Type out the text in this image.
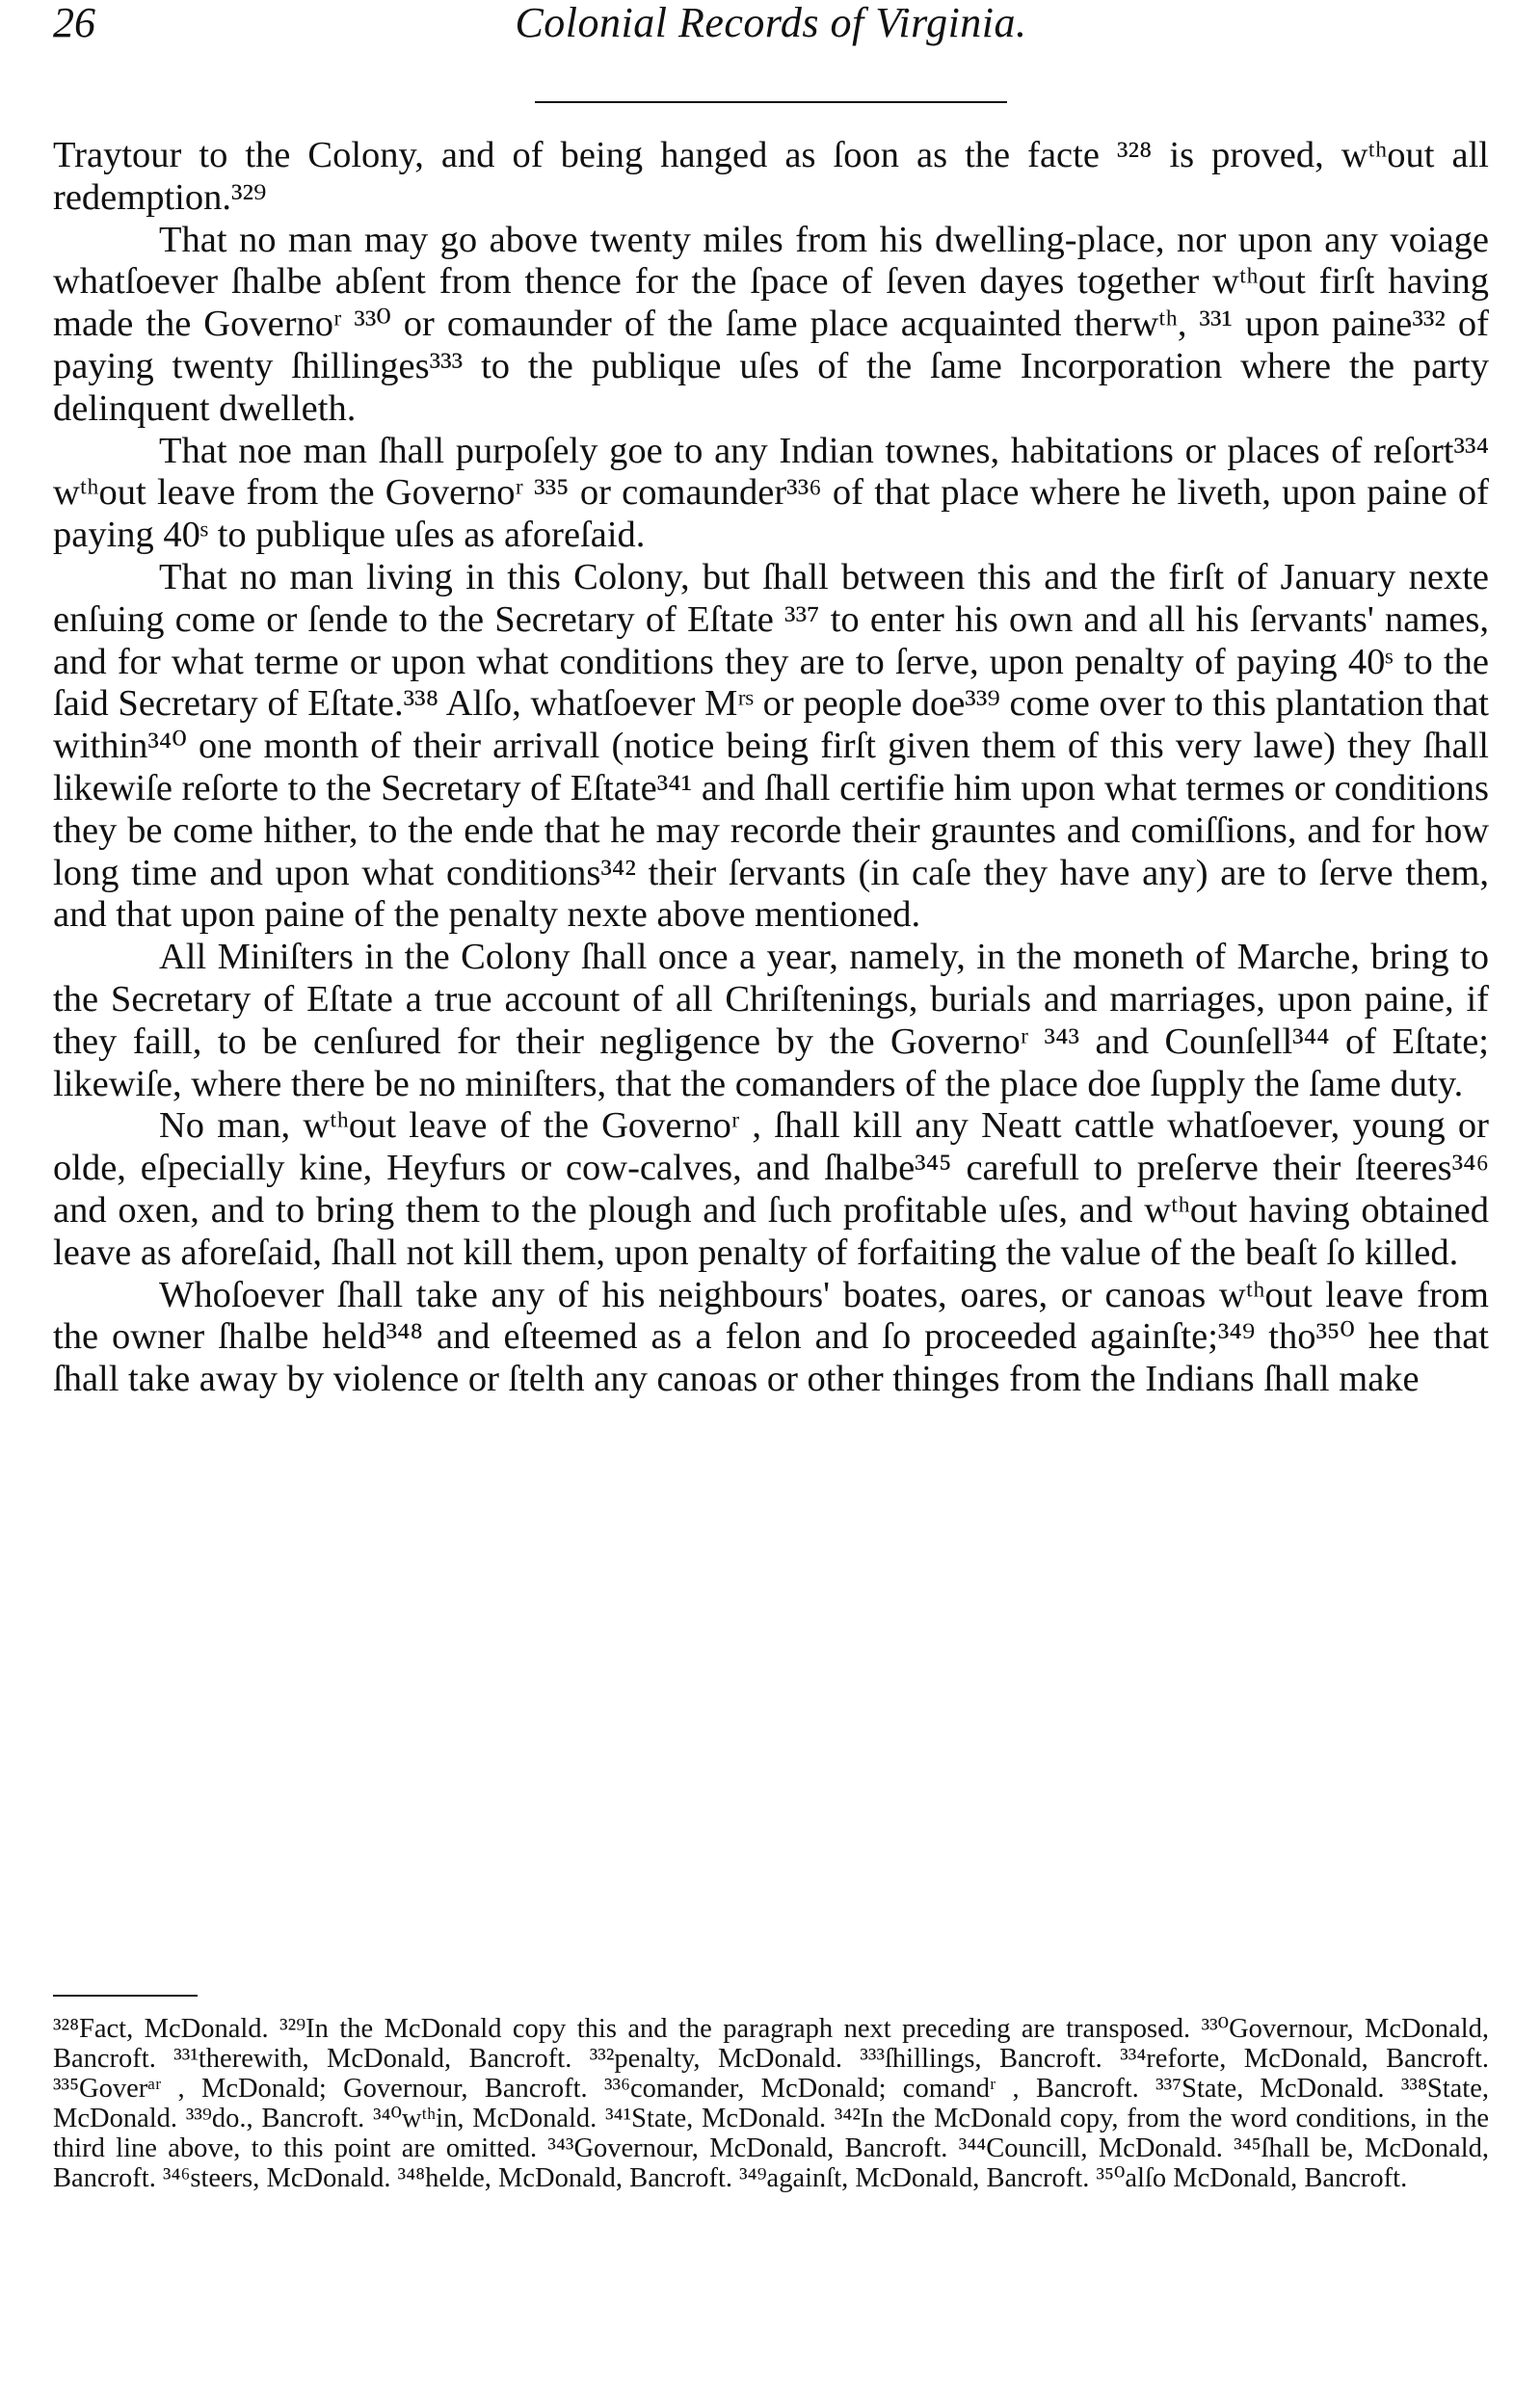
26	Colonial Records of Virginia.

Traytour to the Colony, and of being hanged as ſoon as the facte ³²⁸ is proved, wᵗʰout all redemption.³²⁹

That no man may go above twenty miles from his dwelling-place, nor upon any voiage whatſoever ſhalbe abſent from thence for the ſpace of ſeven dayes together wᵗʰout firſt having made the Governoʳ ³³⁰ or comaunder of the ſame place acquainted therwᵗʰ, ³³¹ upon paine³³² of paying twenty ſhillinges³³³ to the publique uſes of the ſame Incorporation where the party delinquent dwelleth.

That noe man ſhall purpoſely goe to any Indian townes, habitations or places of reſort³³⁴ wᵗʰout leave from the Governoʳ ³³⁵ or comaunder³³⁶ of that place where he liveth, upon paine of paying 40ˢ to publique uſes as aforeſaid.

That no man living in this Colony, but ſhall between this and the firſt of January nexte enſuing come or ſende to the Secretary of Eſtate ³³⁷ to enter his own and all his ſervants' names, and for what terme or upon what conditions they are to ſerve, upon penalty of paying 40ˢ to the ſaid Secretary of Eſtate.³³⁸ Alſo, whatſoever Mʳˢ or people doe³³⁹ come over to this plantation that within³⁴⁰ one month of their arrivall (notice being firſt given them of this very lawe) they ſhall likewiſe reſorte to the Secretary of Eſtate³⁴¹ and ſhall certifie him upon what termes or conditions they be come hither, to the ende that he may recorde their grauntes and comiſſions, and for how long time and upon what conditions³⁴² their ſervants (in caſe they have any) are to ſerve them, and that upon paine of the penalty nexte above mentioned.

All Miniſters in the Colony ſhall once a year, namely, in the moneth of Marche, bring to the Secretary of Eſtate a true account of all Chriſtenings, burials and marriages, upon paine, if they faill, to be cenſured for their negligence by the Governoʳ ³⁴³ and Counſell³⁴⁴ of Eſtate; likewiſe, where there be no miniſters, that the comanders of the place doe ſupply the ſame duty.

No man, wᵗʰout leave of the Governoʳ , ſhall kill any Neatt cattle whatſoever, young or olde, eſpecially kine, Heyfurs or cow-calves, and ſhalbe³⁴⁵ carefull to preſerve their ſteeres³⁴⁶ and oxen, and to bring them to the plough and ſuch profitable uſes, and wᵗʰout having obtained leave as aforeſaid, ſhall not kill them, upon penalty of forfaiting the value of the beaſt ſo killed.

Whoſoever ſhall take any of his neighbours' boates, oares, or canoas wᵗʰout leave from the owner ſhalbe held³⁴⁸ and eſteemed as a felon and ſo proceeded againſte;³⁴⁹ tho³⁵⁰ hee that ſhall take away by violence or ſtelth any canoas or other thinges from the Indians ſhall make

³²⁸Fact, McDonald. ³²⁹In the McDonald copy this and the paragraph next preceding are transposed. ³³⁰Governour, McDonald, Bancroft. ³³¹therewith, McDonald, Bancroft. ³³²penalty, McDonald. ³³³ſhillings, Bancroft. ³³⁴reforte, McDonald, Bancroft. ³³⁵Goverᵃʳ , McDonald; Governour, Bancroft. ³³⁶comander, McDonald; comandʳ , Bancroft. ³³⁷State, McDonald. ³³⁸State, McDonald. ³³⁹do., Bancroft. ³⁴⁰wᵗʰin, McDonald. ³⁴¹State, McDonald. ³⁴²In the McDonald copy, from the word conditions, in the third line above, to this point are omitted. ³⁴³Governour, McDonald, Bancroft. ³⁴⁴Councill, McDonald. ³⁴⁵ſhall be, McDonald, Bancroft. ³⁴⁶steers, McDonald. ³⁴⁸helde, McDonald, Bancroft. ³⁴⁹againſt, McDonald, Bancroft. ³⁵⁰alſo McDonald, Bancroft.
